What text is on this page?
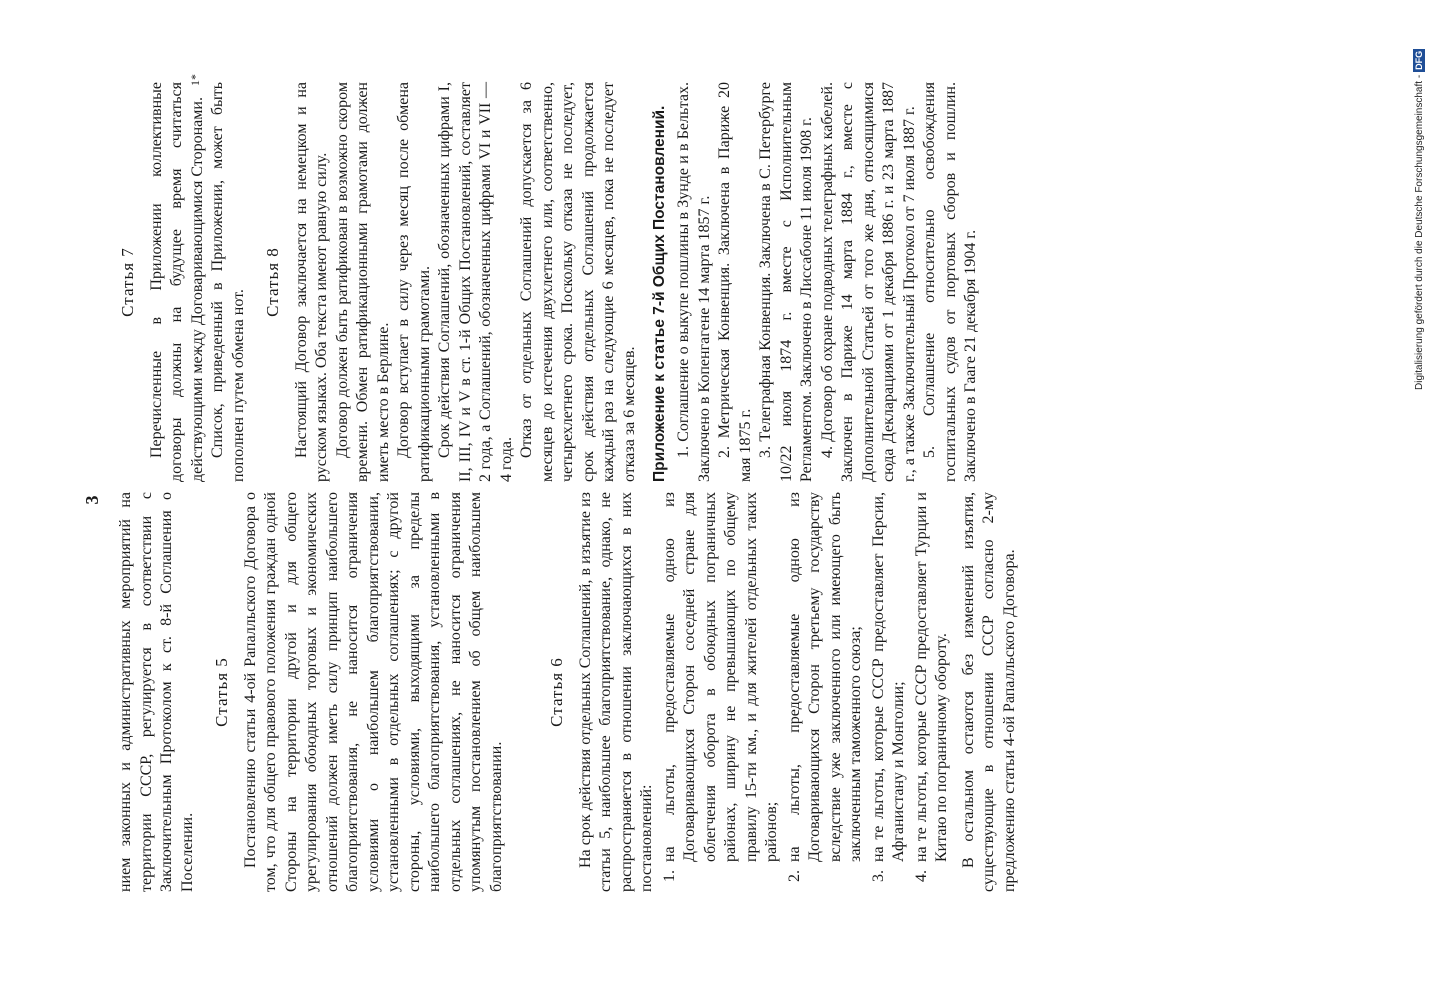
3 нием законных и административных мероприятий на территории СССР, регулируется в соответствии с Заключительным Протоколом к ст. 8-й Соглашения о Поселении.

Статья 5 Постановлению статьи 4-ой Рапалльского Договора о том, что для общего правового положения граждан одной Стороны на территории другой и для общего урегулирования обоюдных торговых и экономических отношений должен иметь силу принцип наибольшего благоприятствования, не наносится ограничения условиями о наибольшем благоприятствовании, установленными в отдельных соглашениях; с другой стороны, условиями, выходящими за пределы наибольшего благоприятствования, установленными в отдельных соглашениях, не наносится ограничения упомянутым постановлением об общем наибольшем благоприятствовании.

Статья 6 На срок действия отдельных Соглашений, в изъятие из статьи 5, наибольшее благоприятствование, однако, не распространяется в отношении заключающихся в них постановлений: 1. на льготы, предоставляемые одною из Договаривающихся Сторон соседней стране для облегчения оборота в обоюдных пограничных районах, ширину не превышающих по общему правилу 15-ти км., и для жителей отдельных таких районов; 2. на льготы, предоставляемые одною из Договаривающихся Сторон третьему государству вследствие уже заключенного или имеющего быть заключенным таможенного союза; 3. на те льготы, которые СССР предоставляет Персии, Афганистану и Монголии; 4. на те льготы, которые СССР предоставляет Турции и Китаю по пограничному обороту. В остальном остаются без изменений изъятия, существующие в отношении СССР согласно 2-му предложению статьи 4-ой Рапалльского Договора.

Статья 7 Перечисленные в Приложении коллективные договоры должны на будущее время считаться действующими между Договаривающимися Сторонами. Список, приведенный в Приложении, может быть пополнен путем обмена нот.

Статья 8 Настоящий Договор заключается на немецком и на русском языках. Оба текста имеют равную силу. Договор должен быть ратификован в возможно скором времени. Обмен ратификационными грамотами должен иметь место в Берлине. Договор вступает в силу через месяц после обмена ратификационными грамотами. Срок действия Соглашений, обозначенных цифрами I, II, III, IV и V в ст. 1-й Общих Постановлений, составляет 2 года, а Соглашений, обозначенных цифрами VI и VII — 4 года.

Отказ от отдельных Соглашений допускается за 6 месяцев до истечения двухлетнего или, соответственно, четырехлетнего срока. Поскольку отказа не последует, срок действия отдельных Соглашений продолжается каждый раз на следующие 6 месяцев, пока не последует отказа за 6 месяцев. Приложение к статье 7-й Общих Постановлений. 1. Соглашение о выкупе пошлины в Зунде и в Бельтах. Заключено в Копенгагене 14 марта 1857 г. 2. Метрическая Конвенция. Заключена в Париже 20 мая 1875 г. 3. Телеграфная Конвенция. Заключена в С. Петербурге 10/22 июля 1874 г. вместе с Исполнительным Регламентом. Заключено в Лиссабоне 11 июля 1908 г. 4. Договор об охране подводных телеграфных кабелей. Заключен в Париже 14 марта 1884 г., вместе с Дополнительной Статьей от того же дня, относящимися сюда Декларациями от 1 декабря 1886 г. и 23 марта 1887 г., а также Заключительный Протокол от 7 июля 1887 г. 5. Соглашение относительно освобождения госпитальных судов от портовых сборов и пошлин. Заключено в Гааге 21 декабря 1904 г.

1*	Digitalisierung gefördert durch die Deutsche Forschungsgemeinschaft -DFG
